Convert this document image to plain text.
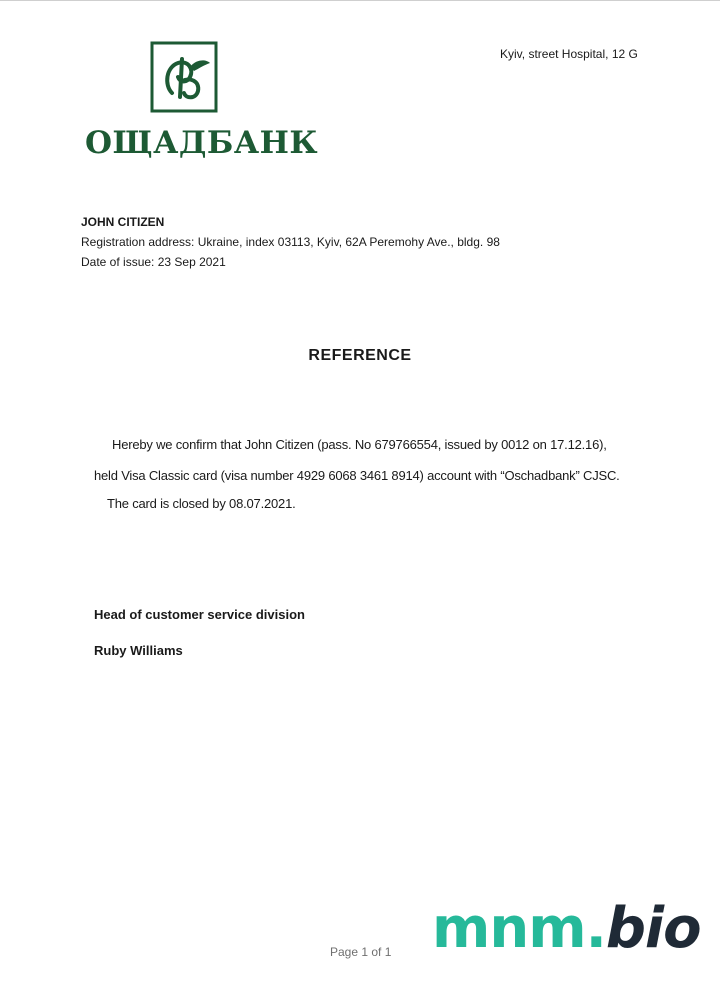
ОЩАДБАНК
Kyiv, street Hospital, 12 G
JOHN CITIZEN
Registration address: Ukraine, index 03113, Kyiv, 62A Peremohy Ave., bldg. 98
Date of issue: 23 Sep 2021
REFERENCE
Hereby we confirm that John Citizen (pass. No 679766554, issued by 0012 on 17.12.16),
held Visa Classic card (visa number 4929 6068 3461 8914) account with “Oschadbank” CJSC.
The card is closed by 08.07.2021.
Head of customer service division
Ruby Williams
Page 1 of 1 mnm.bio
